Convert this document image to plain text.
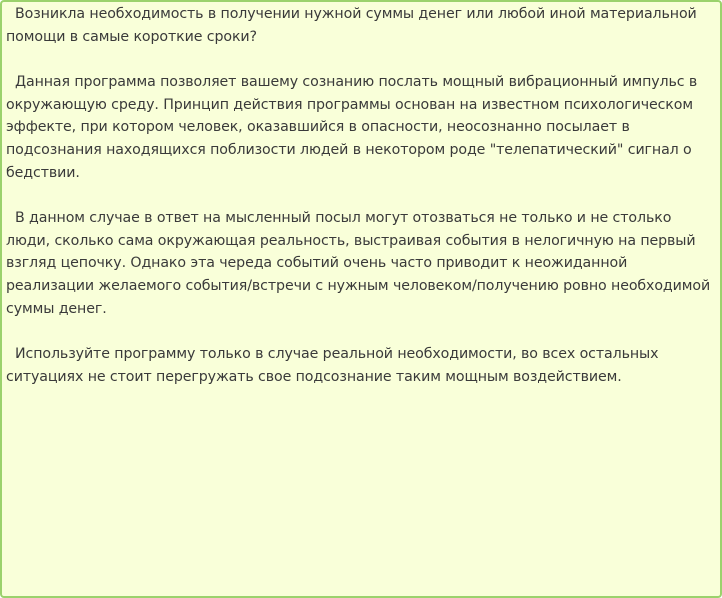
Возникла необходимость в получении нужной суммы денег или любой иной материальной помощи в самые короткие сроки?

Данная программа позволяет вашему сознанию послать мощный вибрационный импульс в окружающую среду. Принцип действия программы основан на известном психологическом эффекте, при котором человек, оказавшийся в опасности, неосознанно посылает в подсознания находящихся поблизости людей в некотором роде "телепатический" сигнал о бедствии.

В данном случае в ответ на мысленный посыл могут отозваться не только и не столько люди, сколько сама окружающая реальность, выстраивая события в нелогичную на первый взгляд цепочку. Однако эта череда событий очень часто приводит к неожиданной реализации желаемого события/встречи с нужным человеком/получению ровно необходимой суммы денег.

Используйте программу только в случае реальной необходимости, во всех остальных ситуациях не стоит перегружать свое подсознание таким мощным воздействием.
